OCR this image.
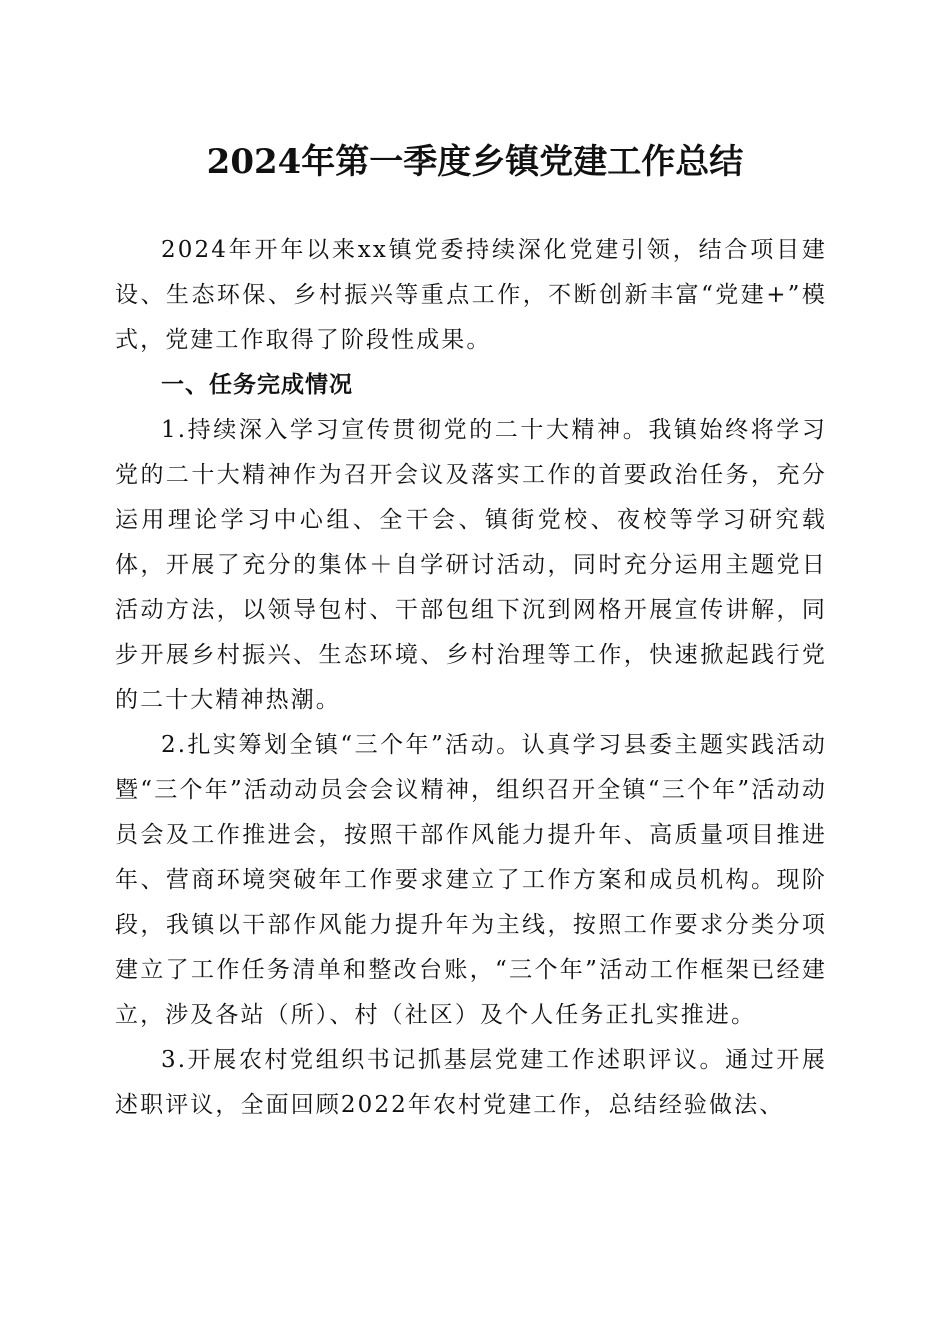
2024年第一季度乡镇党建工作总结

2024年开年以来xx镇党委持续深化党建引领，结合项目建设、生态环保、乡村振兴等重点工作，不断创新丰富“党建+”模式，党建工作取得了阶段性成果。

一、任务完成情况

1.持续深入学习宣传贯彻党的二十大精神。我镇始终将学习党的二十大精神作为召开会议及落实工作的首要政治任务，充分运用理论学习中心组、全干会、镇街党校、夜校等学习研究载体，开展了充分的集体＋自学研讨活动，同时充分运用主题党日活动方法，以领导包村、干部包组下沉到网格开展宣传讲解，同步开展乡村振兴、生态环境、乡村治理等工作，快速掀起践行党的二十大精神热潮。

2.扎实筹划全镇“三个年”活动。认真学习县委主题实践活动暨“三个年”活动动员会会议精神，组织召开全镇“三个年”活动动员会及工作推进会，按照干部作风能力提升年、高质量项目推进年、营商环境突破年工作要求建立了工作方案和成员机构。现阶段，我镇以干部作风能力提升年为主线，按照工作要求分类分项建立了工作任务清单和整改台账，“三个年”活动工作框架已经建立，涉及各站（所）、村（社区）及个人任务正扎实推进。

3.开展农村党组织书记抓基层党建工作述职评议。通过开展述职评议，全面回顾2022年农村党建工作，总结经验做法、
